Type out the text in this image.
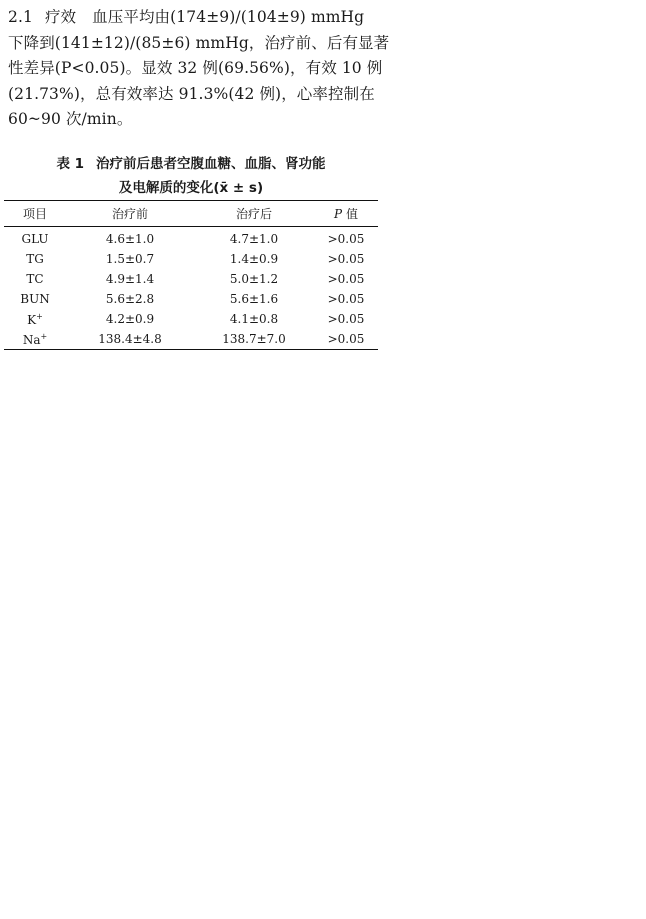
2.1 疗效 血压平均由(174±9)/(104±9) mmHg
下降到(141±12)/(85±6) mmHg，治疗前、后有显著
性差异(P<0.05)。显效 32 例(69.56%)，有效 10 例
(21.73%)，总有效率达 91.3%(42 例)，心率控制在
60~90 次/min。
表 1 治疗前后患者空腹血糖、血脂、肾功能
及电解质的变化(x̄ ± s)
项目	治疗前	治疗后	P 值
GLU	4.6±1.0	4.7±1.0	>0.05
TG	1.5±0.7	1.4±0.9	>0.05
TC	4.9±1.4	5.0±1.2	>0.05
BUN	5.6±2.8	5.6±1.6	>0.05
K+	4.2±0.9	4.1±0.8	>0.05
Na+	138.4±4.8	138.7±7.0	>0.05
